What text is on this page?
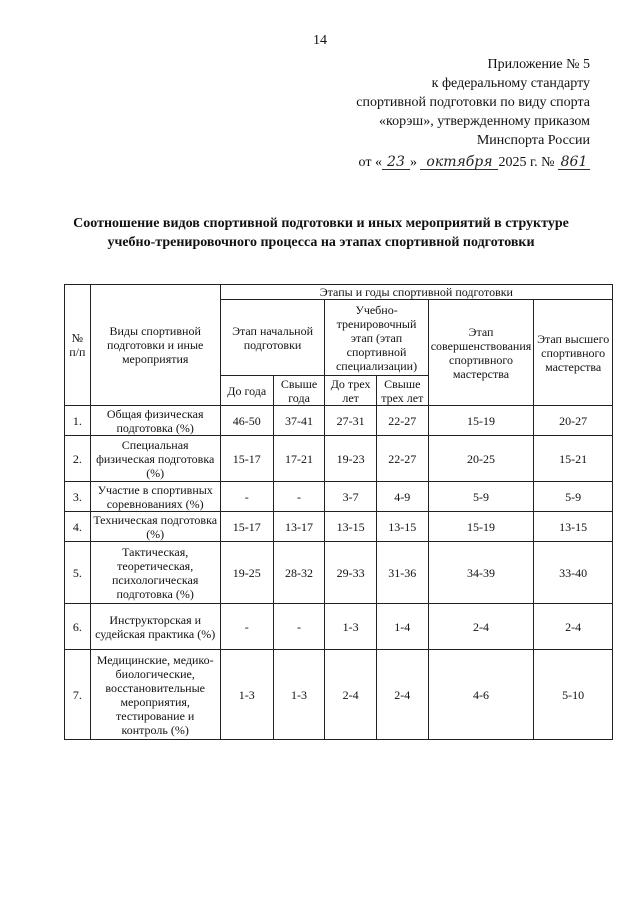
14
Приложение № 5
к федеральному стандарту
спортивной подготовки по виду спорта
«корэш», утвержденному приказом
Минспорта России
от « 23 » октября 2025 г. № 861
Соотношение видов спортивной подготовки и иных мероприятий в структуре
учебно-тренировочного процесса на этапах спортивной подготовки
№ п/п	Виды спортивной подготовки и иные мероприятия	Этапы и годы спортивной подготовки					
		Этап начальной подготовки		Учебно-тренировочный этап (этап спортивной специализации)		Этап совершенствования спортивного мастерства	Этап высшего спортивного мастерства
		До года	Свыше года	До трех лет	Свыше трех лет		
1.	Общая физическая подготовка (%)	46-50	37-41	27-31	22-27	15-19	20-27
2.	Специальная физическая подготовка (%)	15-17	17-21	19-23	22-27	20-25	15-21
3.	Участие в спортивных соревнованиях (%)	-	-	3-7	4-9	5-9	5-9
4.	Техническая подготовка (%)	15-17	13-17	13-15	13-15	15-19	13-15
5.	Тактическая, теоретическая, психологическая подготовка (%)	19-25	28-32	29-33	31-36	34-39	33-40
6.	Инструкторская и судейская практика (%)	-	-	1-3	1-4	2-4	2-4
7.	Медицинские, медико-биологические, восстановительные мероприятия, тестирование и контроль (%)	1-3	1-3	2-4	2-4	4-6	5-10
